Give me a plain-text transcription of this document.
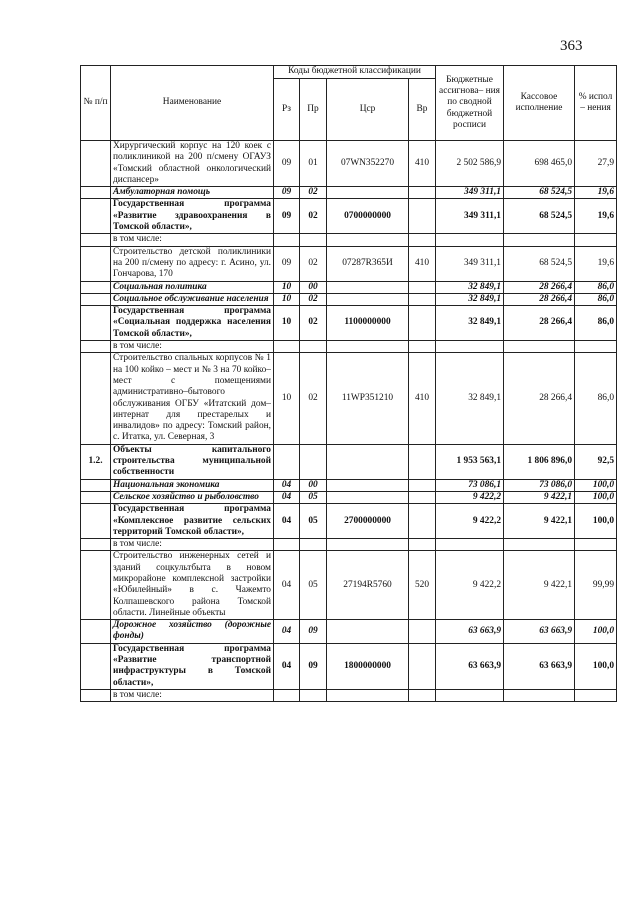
363
№ п/п	Наименование	Коды бюджетной классификации				Бюджетные ассигнова– ния по сводной бюджетной росписи	Кассовое исполнение	% испол – нения
		Рз	Пр	Цср	Вр			
	Хирургический корпус на 120 коек с поликлиникой на 200 п/смену ОГАУЗ «Томский областной онкологический диспансер»	09	01	07WN352270	410	2 502 586,9	698 465,0	27,9
	Амбулаторная помощь	09	02			349 311,1	68 524,5	19,6
	Государственная программа «Развитие здравоохранения в Томской области»,	09	02	0700000000		349 311,1	68 524,5	19,6
	в том числе:							
	Строительство детской поликлиники на 200 п/смену по адресу: г. Асино, ул. Гончарова, 170	09	02	07287R365И	410	349 311,1	68 524,5	19,6
	Социальная политика	10	00			32 849,1	28 266,4	86,0
	Социальное обслуживание населения	10	02			32 849,1	28 266,4	86,0
	Государственная программа «Социальная поддержка населения Томской области»,	10	02	1100000000		32 849,1	28 266,4	86,0
	в том числе:							
	Строительство спальных корпусов № 1 на 100 койко – мест и № 3 на 70 койко–мест с помещениями административно–бытового обслуживания ОГБУ «Итатский дом–интернат для престарелых и инвалидов» по адресу: Томский район, с. Итатка, ул. Северная, 3	10	02	11WP351210	410	32 849,1	28 266,4	86,0
1.2.	Объекты капитального строительства муниципальной собственности					1 953 563,1	1 806 896,0	92,5
	Национальная экономика	04	00			73 086,1	73 086,0	100,0
	Сельское хозяйство и рыболовство	04	05			9 422,2	9 422,1	100,0
	Государственная программа «Комплексное развитие сельских территорий Томской области»,	04	05	2700000000		9 422,2	9 422,1	100,0
	в том числе:							
	Строительство инженерных сетей и зданий соцкультбыта в новом микрорайоне комплексной застройки «Юбилейный» в с. Чажемто Колпашевского района Томской области. Линейные объекты	04	05	27194R5760	520	9 422,2	9 422,1	99,99
	Дорожное хозяйство (дорожные фонды)	04	09			63 663,9	63 663,9	100,0
	Государственная программа «Развитие транспортной инфраструктуры в Томской области»,	04	09	1800000000		63 663,9	63 663,9	100,0
	в том числе:							
